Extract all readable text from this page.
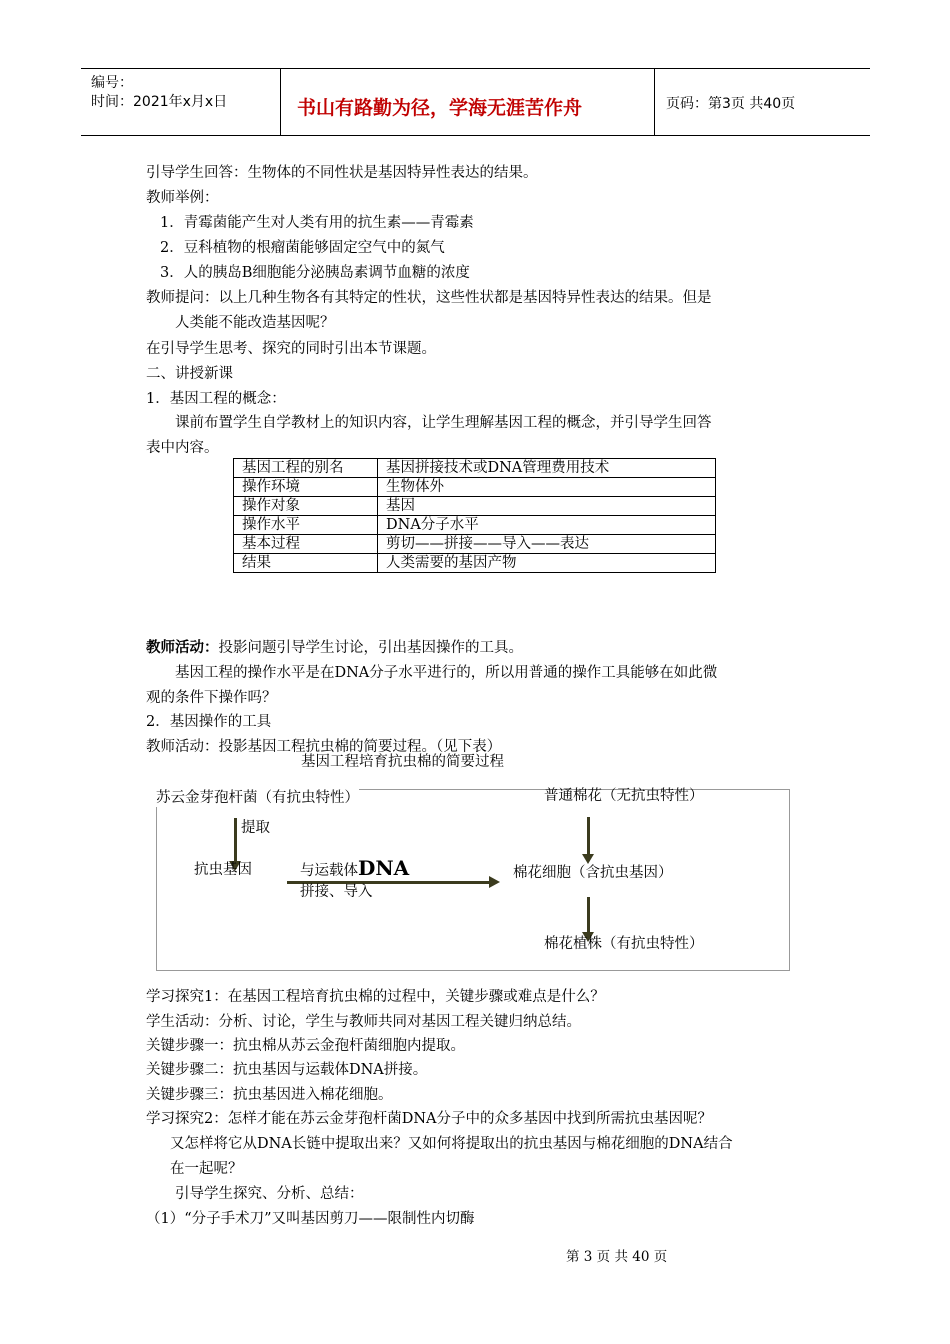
编号：
时间：2021年x月x日	书山有路勤为径，学海无涯苦作舟	页码：第3页 共40页
引导学生回答：生物体的不同性状是基因特异性表达的结果。
教师举例：
1．青霉菌能产生对人类有用的抗生素——青霉素
2．豆科植物的根瘤菌能够固定空气中的氮气
3．人的胰岛B细胞能分泌胰岛素调节血糖的浓度
教师提问：以上几种生物各有其特定的性状，这些性状都是基因特异性表达的结果。但是
人类能不能改造基因呢？
在引导学生思考、探究的同时引出本节课题。
二、讲授新课
1．基因工程的概念：
课前布置学生自学教材上的知识内容，让学生理解基因工程的概念，并引导学生回答
表中内容。
基因工程的别名	基因拼接技术或DNA管理费用技术
操作环境	生物体外
操作对象	基因
操作水平	DNA分子水平
基本过程	剪切——拼接——导入——表达
结果	人类需要的基因产物
教师活动：投影问题引导学生讨论，引出基因操作的工具。
基因工程的操作水平是在DNA分子水平进行的，所以用普通的操作工具能够在如此微
观的条件下操作吗？
2．基因操作的工具
教师活动：投影基因工程抗虫棉的简要过程。（见下表）
基因工程培育抗虫棉的简要过程
苏云金芽孢杆菌（有抗虫特性）	普通棉花（无抗虫特性）
提取
抗虫基因	与运载体DNA
拼接、导入
棉花细胞（含抗虫基因）
棉花植株（有抗虫特性）
学习探究1：在基因工程培育抗虫棉的过程中，关键步骤或难点是什么？
学生活动：分析、讨论，学生与教师共同对基因工程关键归纳总结。
关键步骤一：抗虫棉从苏云金孢杆菌细胞内提取。
关键步骤二：抗虫基因与运载体DNA拼接。
关键步骤三：抗虫基因进入棉花细胞。
学习探究2：怎样才能在苏云金芽孢杆菌DNA分子中的众多基因中找到所需抗虫基因呢？
又怎样将它从DNA长链中提取出来？又如何将提取出的抗虫基因与棉花细胞的DNA结合
在一起呢？
引导学生探究、分析、总结：
（1）“分子手术刀”又叫基因剪刀——限制性内切酶
第 3 页 共 40 页
